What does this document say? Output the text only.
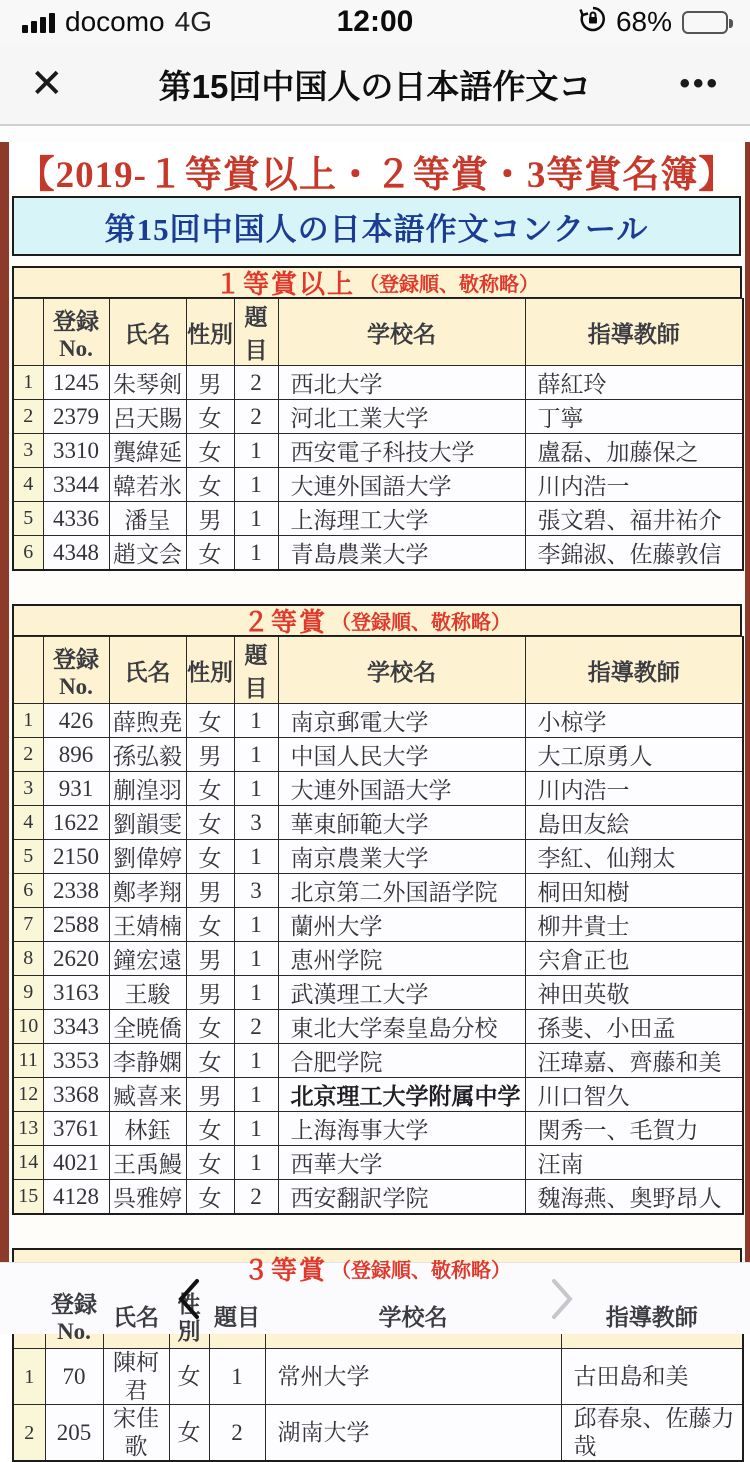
docomo 4G	12:00	68%
✕	第15回中国人の日本語作文コ	•••
【2019-１等賞以上・２等賞・3等賞名簿】
第15回中国人の日本語作文コンクール
１等賞以上 （登録順、敬称略）
	登録No.	氏名	性別	題目	学校名	指導教師
1	1245	朱琴剣	男	2	西北大学	薛紅玲
2	2379	呂天賜	女	2	河北工業大学	丁寧
3	3310	龔緯延	女	1	西安電子科技大学	盧磊、加藤保之
4	3344	韓若氷	女	1	大連外国語大学	川内浩一
5	4336	潘呈	男	1	上海理工大学	張文碧、福井祐介
6	4348	趙文会	女	1	青島農業大学	李錦淑、佐藤敦信
２等賞 （登録順、敬称略）
	登録No.	氏名	性別	題目	学校名	指導教師
1	426	薛煦尭	女	1	南京郵電大学	小椋学
2	896	孫弘毅	男	1	中国人民大学	大工原勇人
3	931	蒯湟羽	女	1	大連外国語大学	川内浩一
4	1622	劉韻雯	女	3	華東師範大学	島田友絵
5	2150	劉偉婷	女	1	南京農業大学	李紅、仙翔太
6	2338	鄭孝翔	男	3	北京第二外国語学院	桐田知樹
7	2588	王婧楠	女	1	蘭州大学	柳井貴士
8	2620	鐘宏遠	男	1	恵州学院	宍倉正也
9	3163	王駿	男	1	武漢理工大学	神田英敬
10	3343	全暁僑	女	2	東北大学秦皇島分校	孫斐、小田孟
11	3353	李静嫻	女	1	合肥学院	汪瑋嘉、齊藤和美
12	3368	臧喜来	男	1	北京理工大学附属中学	川口智久
13	3761	林鈺	女	1	上海海事大学	関秀一、毛賀力
14	4021	王禹鰻	女	1	西華大学	汪南
15	4128	呉雅婷	女	2	西安翻訳学院	魏海燕、奥野昂人
３等賞 （登録順、敬称略）
	登録No.	氏名	性別	題目	学校名	指導教師
1	70	陳柯君	女	1	常州大学	古田島和美
2	205	宋佳歌	女	2	湖南大学	邱春泉、佐藤力哉
